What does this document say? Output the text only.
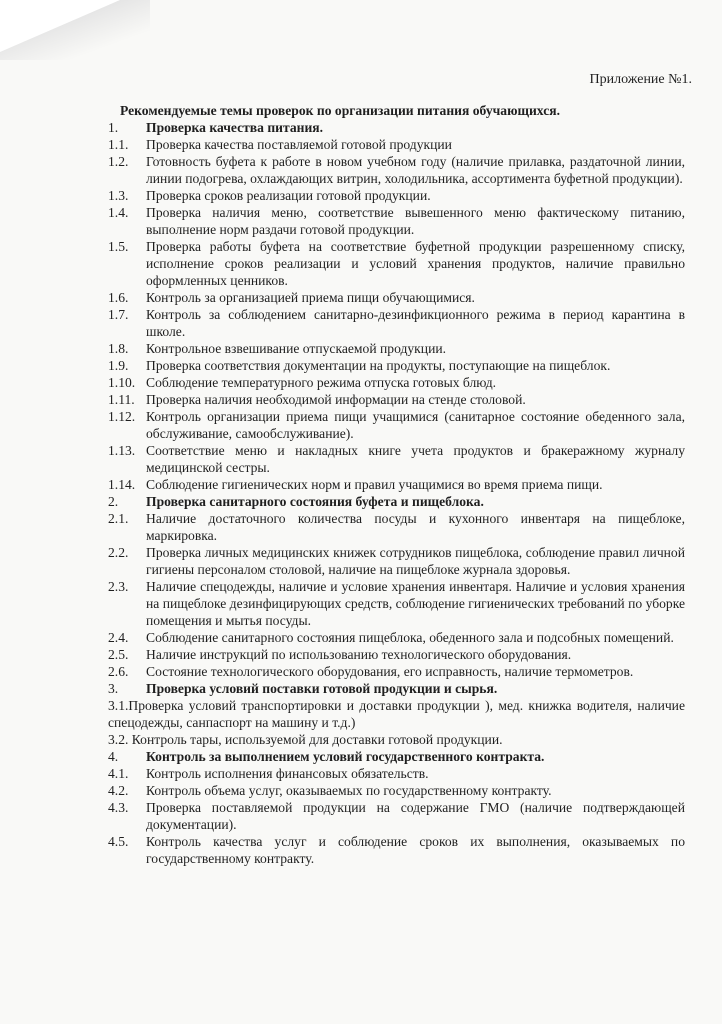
Приложение №1.
Рекомендуемые темы проверок по организации питания обучающихся.
1.	Проверка качества питания.
1.1.	Проверка качества поставляемой готовой продукции
1.2.	Готовность буфета к работе в новом учебном году (наличие прилавка, раздаточной линии, линии подогрева, охлаждающих витрин, холодильника, ассортимента буфетной продукции).
1.3.	Проверка сроков реализации готовой продукции.
1.4.	Проверка наличия меню, соответствие вывешенного меню фактическому питанию, выполнение норм раздачи готовой продукции.
1.5.	Проверка работы буфета на соответствие буфетной продукции разрешенному списку, исполнение сроков реализации и условий хранения продуктов, наличие правильно оформленных ценников.
1.6.	Контроль за организацией приема пищи обучающимися.
1.7.	Контроль за соблюдением санитарно-дезинфикционного режима в период карантина в школе.
1.8.	Контрольное взвешивание отпускаемой продукции.
1.9.	Проверка соответствия документации на продукты, поступающие на пищеблок.
1.10. Соблюдение температурного режима отпуска готовых блюд.
1.11. Проверка наличия необходимой информации на стенде столовой.
1.12. Контроль организации приема пищи учащимися (санитарное состояние обеденного зала, обслуживание, самообслуживание).
1.13. Соответствие меню и накладных книге учета продуктов и бракеражному журналу медицинской сестры.
1.14. Соблюдение гигиенических норм и правил учащимися во время приема пищи.
2.	Проверка санитарного состояния буфета и пищеблока.
2.1.	Наличие достаточного количества посуды и кухонного инвентаря на пищеблоке, маркировка.
2.2.	Проверка личных медицинских книжек сотрудников пищеблока, соблюдение правил личной гигиены персоналом столовой, наличие на пищеблоке журнала здоровья.
2.3.	Наличие спецодежды, наличие и условие хранения инвентаря. Наличие и условия хранения на пищеблоке дезинфицирующих средств, соблюдение гигиенических требований по уборке помещения и мытья посуды.
2.4.	Соблюдение санитарного состояния пищеблока, обеденного зала и подсобных помещений.
2.5.	Наличие инструкций по использованию технологического оборудования.
2.6.	Состояние технологического оборудования, его исправность, наличие термометров.
3.	Проверка условий поставки готовой продукции и сырья.
3.1.Проверка условий транспортировки и доставки продукции ), мед. книжка водителя, наличие спецодежды, санпаспорт на машину и т.д.)
3.2. Контроль тары, используемой для доставки готовой продукции.
4.	Контроль за выполнением условий государственного контракта.
4.1.	Контроль исполнения финансовых обязательств.
4.2.	Контроль объема услуг, оказываемых по государственному контракту.
4.3.	Проверка поставляемой продукции на содержание ГМО (наличие подтверждающей документации).
4.5.	Контроль качества услуг и соблюдение сроков их выполнения, оказываемых по государственному контракту.
